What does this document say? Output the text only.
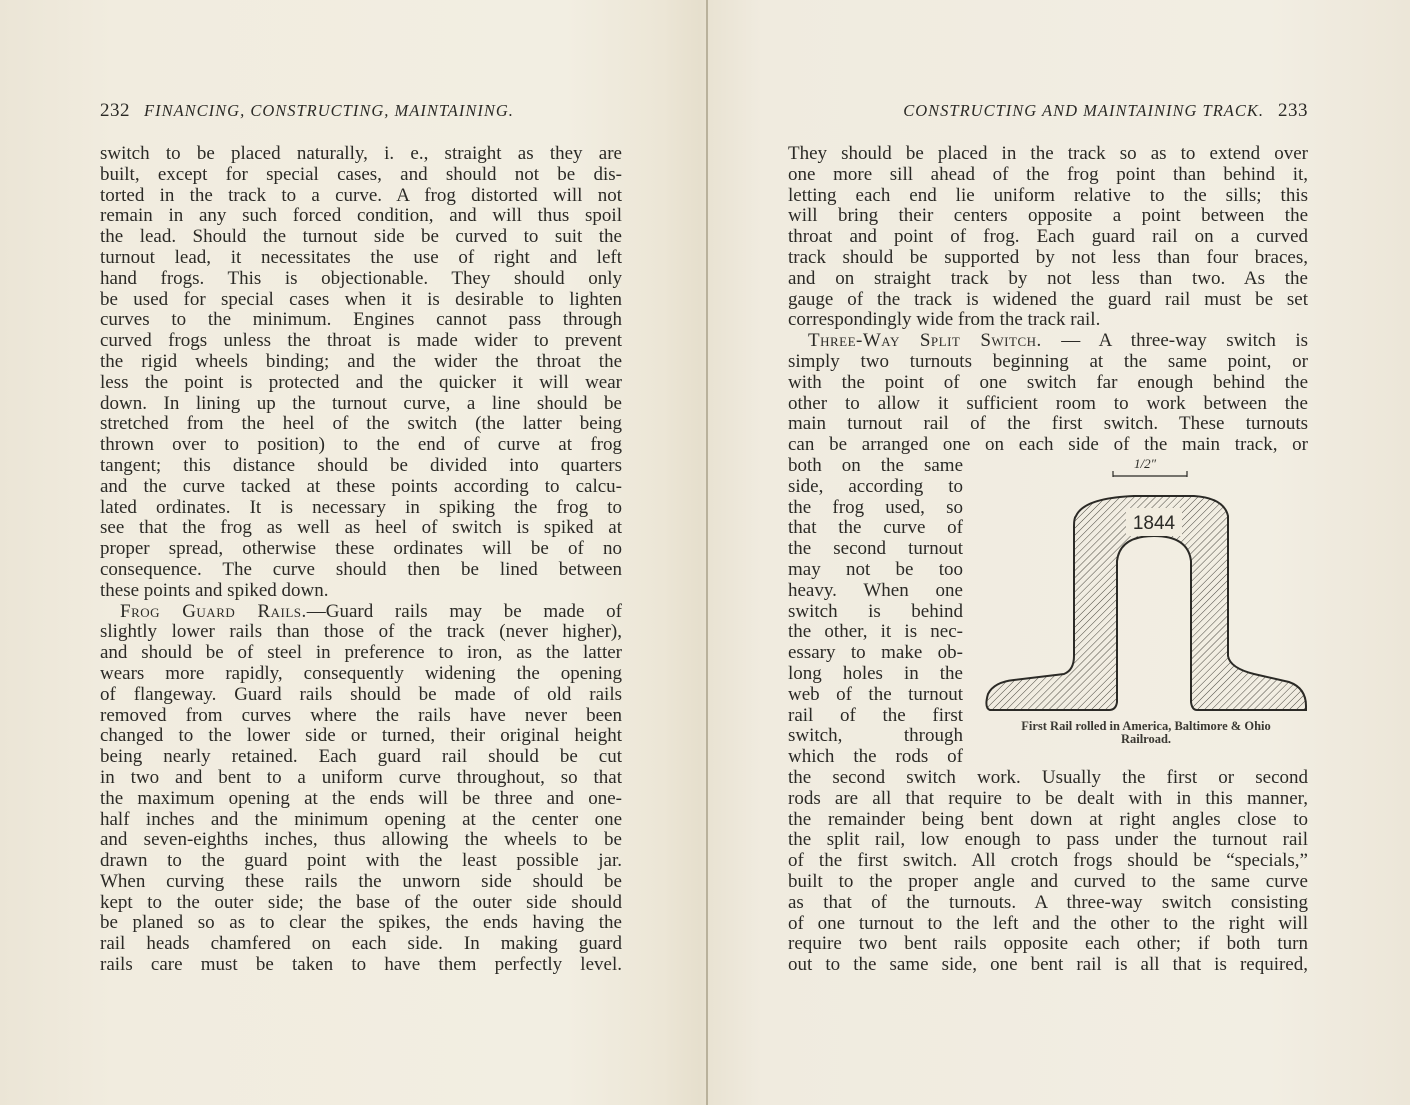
232 FINANCING, CONSTRUCTING, MAINTAINING.
switch to be placed naturally, i. e., straight as they are
built, except for special cases, and should not be dis-
torted in the track to a curve. A frog distorted will not
remain in any such forced condition, and will thus spoil
the lead. Should the turnout side be curved to suit the
turnout lead, it necessitates the use of right and left
hand frogs. This is objectionable. They should only
be used for special cases when it is desirable to lighten
curves to the minimum. Engines cannot pass through
curved frogs unless the throat is made wider to prevent
the rigid wheels binding; and the wider the throat the
less the point is protected and the quicker it will wear
down. In lining up the turnout curve, a line should be
stretched from the heel of the switch (the latter being
thrown over to position) to the end of curve at frog
tangent; this distance should be divided into quarters
and the curve tacked at these points according to calcu-
lated ordinates. It is necessary in spiking the frog to
see that the frog as well as heel of switch is spiked at
proper spread, otherwise these ordinates will be of no
consequence. The curve should then be lined between
these points and spiked down.
Frog Guard Rails.—Guard rails may be made of
slightly lower rails than those of the track (never higher),
and should be of steel in preference to iron, as the latter
wears more rapidly, consequently widening the opening
of flangeway. Guard rails should be made of old rails
removed from curves where the rails have never been
changed to the lower side or turned, their original height
being nearly retained. Each guard rail should be cut
in two and bent to a uniform curve throughout, so that
the maximum opening at the ends will be three and one-
half inches and the minimum opening at the center one
and seven-eighths inches, thus allowing the wheels to be
drawn to the guard point with the least possible jar.
When curving these rails the unworn side should be
kept to the outer side; the base of the outer side should
be planed so as to clear the spikes, the ends having the
rail heads chamfered on each side. In making guard
rails care must be taken to have them perfectly level.
CONSTRUCTING AND MAINTAINING TRACK. 233
They should be placed in the track so as to extend over
one more sill ahead of the frog point than behind it,
letting each end lie uniform relative to the sills; this
will bring their centers opposite a point between the
throat and point of frog. Each guard rail on a curved
track should be supported by not less than four braces,
and on straight track by not less than two. As the
gauge of the track is widened the guard rail must be set
correspondingly wide from the track rail.
Three-Way Split Switch. — A three-way switch is
simply two turnouts beginning at the same point, or
with the point of one switch far enough behind the
other to allow it sufficient room to work between the
main turnout rail of the first switch. These turnouts
can be arranged one on each side of the main track, or
both on the same
side, according to
the frog used, so
that the curve of
the second turnout
may not be too
heavy. When one
switch is behind
the other, it is nec-
essary to make ob-
long holes in the
web of the turnout
rail of the first
switch, through
which the rods of
1844
1/2″
First Rail rolled in America, Baltimore & Ohio
Railroad.
the second switch work. Usually the first or second
rods are all that require to be dealt with in this manner,
the remainder being bent down at right angles close to
the split rail, low enough to pass under the turnout rail
of the first switch. All crotch frogs should be “specials,”
built to the proper angle and curved to the same curve
as that of the turnouts. A three-way switch consisting
of one turnout to the left and the other to the right will
require two bent rails opposite each other; if both turn
out to the same side, one bent rail is all that is required,
